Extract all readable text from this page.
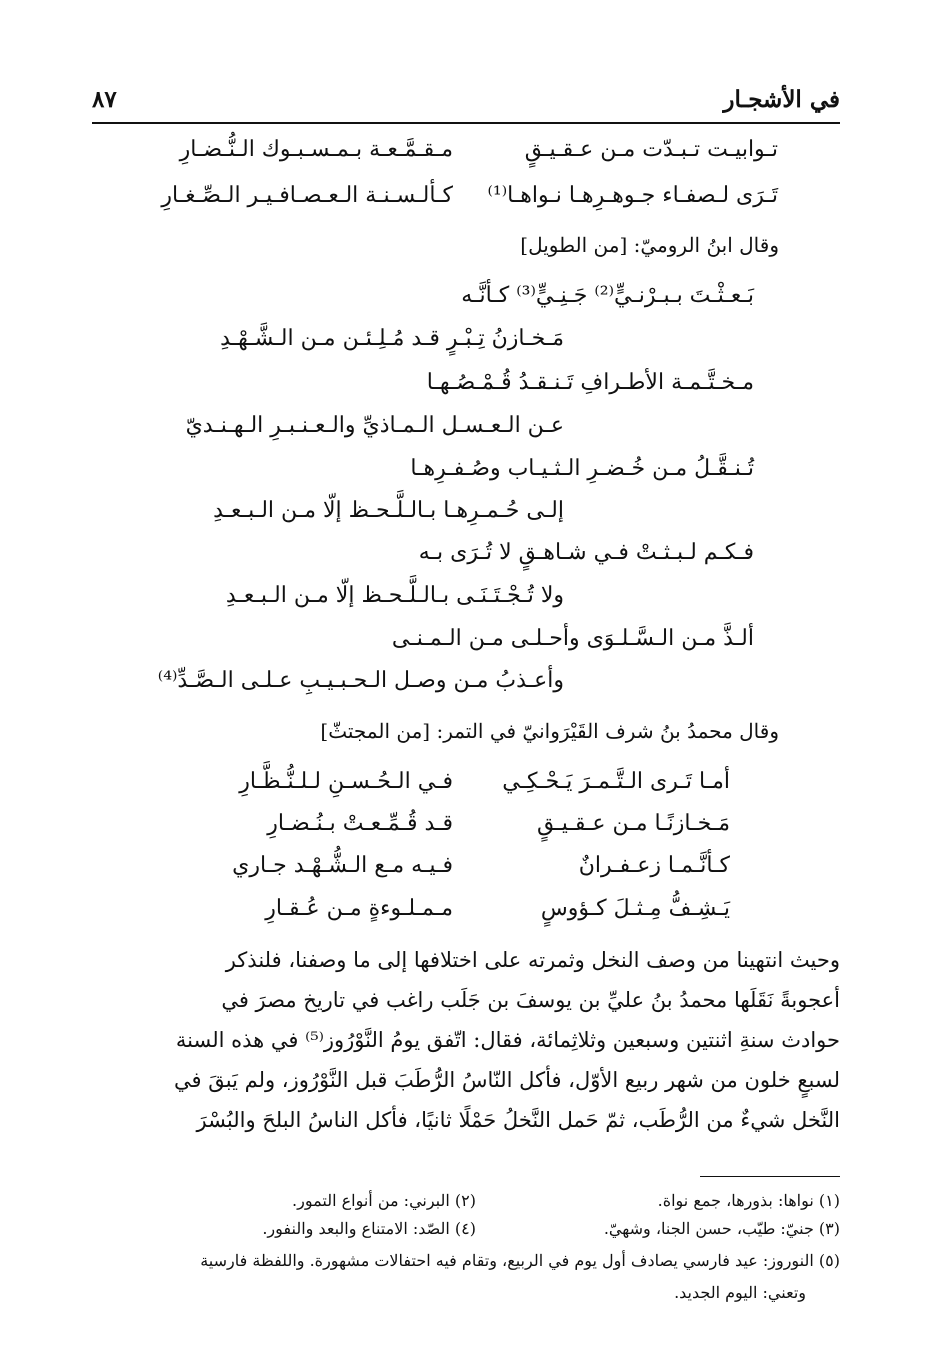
في الأشجـار
٨٧
تـوابيـت تـبـدّت مـن عـقـيـقٍ
مـقـمَّـعـة بـمـسـبـوك الـنُّـضـارِ
تَـرَى لـصفـاء جـوهـرِهـا نـواهـا⁽¹⁾
كـألـسـنـة الـعـصـافـيـر الـصِّـغـارِ
وقال ابنُ الروميّ: [من الطويل]
بَـعـثْـتَ بـبـرْنـيٍّ⁽²⁾ جَـنِـيٍّ⁽³⁾ كـأنَّـه
مَـخـازنُ تِـبْـرٍ قـد مُـلِـئـن مـن الـشَّـهْـدِ
مـخـتَّـمـة الأطـرافِ تَـنـقـدُ قُـمْـصُـهـا
عـن الـعـسـل الـمـاذيِّ والـعـنـبـرِ الـهـنـديّ
تُـنـقَّـلُ مـن خُـضـرِ الـثـيـاب وصُـفـرِهـا
إلـى حُـمـرِهـا بـالـلَّـحـظ إلّا مـن الـبـعـدِ
فـكـم لـبـثـتْ فـي شـاهـقٍ لا تُـرَى بـه
ولا تُـجْـتَـنَـى بـالـلَّـحـظ إلّا مـن الـبـعـدِ
ألـذَّ مـن الـسَّـلـوَى وأحـلـى مـن الـمـنـى
وأعـذبُ مـن وصـل الـحـبـيـبِ عـلـى الـصَّـدِّ⁽⁴⁾
وقال محمدُ بنُ شرف القَيْرَوانيّ في التمر: [من المجتثّ]
أمـا تَـرى الـتَّـمـرَ يَـحْـكِـي
فـي الـحُـسـنِ لـلـنُّـظَّـارِ
مَـخـازنًـا مـن عـقـيـقٍ
قـد قُـمِّـعـتْ بـنُـضـارِ
كـأنَّـمـا زعـفـرانٌ
فـيـه مـع الـشُّـهْـد جـاري
يَـشِـفُّ مِـثـلَ كـؤوسٍ
مـمـلـوءةٍ مـن عُـقـارِ
وحيث انتهينا من وصف النخل وثمرته على اختلافها إلى ما وصفنا، فلنذكر
أعجوبةً نَقَلَها محمدُ بنُ عليِّ بن يوسفَ بن جَلَب راغب في تاريخ مصرَ في
حوادث سنةِ اثنتين وسبعين وثلاثِمائة، فقال: اتّفق يومُ النَّوْرُوز⁽⁵⁾ في هذه السنة
لسبعٍ خلون من شهر ربيع الأوّل، فأكل النّاسُ الرُّطَبَ قبل النَّوْرُوز، ولم يَبقَ في
النَّخل شيءٌ من الرُّطَب، ثمّ حَمل النَّخلُ حَمْلًا ثانيًا، فأكل الناسُ البلحَ والبُسْرَ
(١) نواها: بذورها، جمع نواة.
(٢) البرني: من أنواع التمور.
(٣) جنيّ: طيّب، حسن الجنا، وشهيّ.
(٤) الصّد: الامتناع والبعد والنفور.
(٥) النوروز: عيد فارسي يصادف أول يوم في الربيع، وتقام فيه احتفالات مشهورة. واللفظة فارسية
وتعني: اليوم الجديد.
